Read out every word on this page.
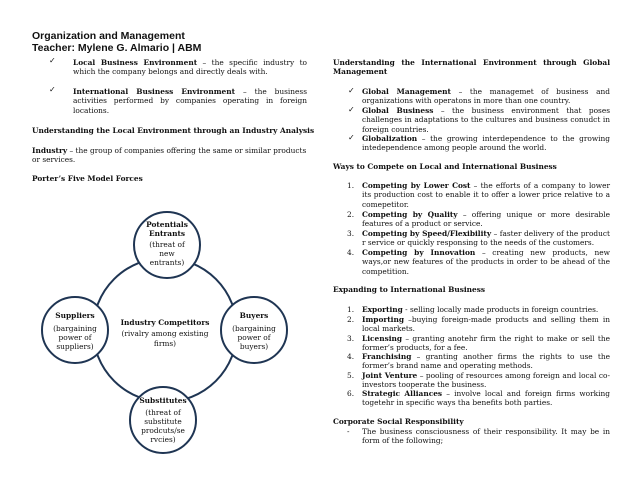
Organization and Management
Teacher: Mylene G. Almario | ABM
✓ Local Business Environment – the specific industry to which the company belongs and directly deals with.
✓ International Business Environment – the business activities performed by companies operating in foreign locations.
Understanding the Local Environment through an Industry Analysis
Industry – the group of companies offering the same or similar products or services.
Porter’s Five Model Forces
Industry Competitors
(rivalry among existing
firms)
Potentials
Entrants
(threat of
new
entrants)
Suppliers
(bargaining
power of
suppliers)
Buyers
(bargaining
power of
buyers)
Substitutes
(threat of
substitute
prodcuts/se
rvcies)
Understanding the International Environment through Global Management
✓ Global Management – the managemet of business and organizations with operatons in more than one country.
✓ Global Business – the business environment that poses challenges in adaptations to the cultures and business conudct in foreign countries.
✓ Globalization – the growing interdependence to the growing intedependence among people around the world.
Ways to Compete on Local and International Business
1. Competing by Lower Cost – the efforts of a company to lower its production cost to enable it to offer a lower price relative to a comepetitor.
2. Competing by Quality – offering unique or more desirable features of a product or service.
3. Competing by Speed/Flexibility – faster delivery of the product r service or quickly responsing to the needs of the customers.
4. Competing by Innovation – creating new products, new ways,or new features of the products in order to be ahead of the competition.
Expanding to International Business
1. Exporting - selling locally made products in foreign countries.
2. Importing –buying foreign-made products and selling them in local markets.
3. Licensing – granting anotehr firm the right to make or sell the former’s products, for a fee.
4. Franchising – granting another firms the rights to use the former’s brand name and operating methods.
5. Joint Venture – pooling of resources among foreign and local co-investors tooperate the business.
6. Strategic Alliances – involve local and foreign firms working togetehr in specific ways tha benefits both parties.
Corporate Social Responsibility
- The business consciousness of their responsibility. It may be in form of the following;
